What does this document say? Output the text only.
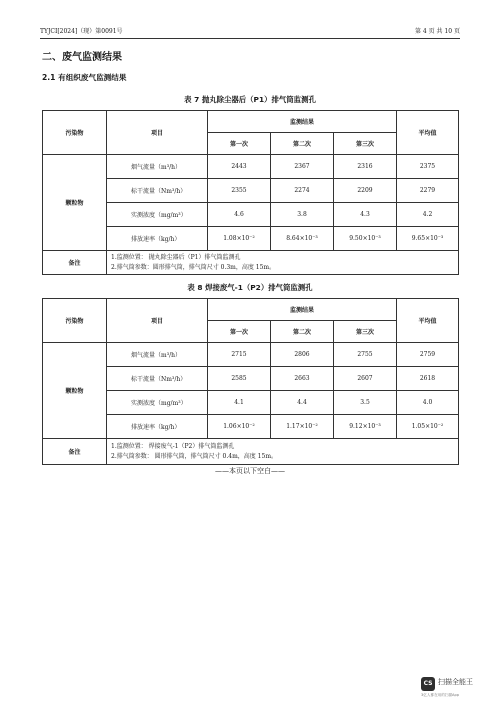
TYJCI[2024]（现）第0091号	第 4 页 共 10 页
二、废气监测结果
2.1 有组织废气监测结果
表 7 抛丸除尘器后（P1）排气筒监测孔
污染物	项目	监测结果			平均值
		第一次	第二次	第三次	
颗粒物	烟气流量（m³/h）	2443	2367	2316	2375
	标干流量（Nm³/h）	2355	2274	2209	2279
	实测浓度（mg/m³）	4.6	3.8	4.3	4.2
	排放速率（kg/h）	1.08×10⁻²	8.64×10⁻³	9.50×10⁻³	9.65×10⁻³
备注	1.监测位置： 抛丸除尘器后（P1）排气筒监测孔
2.排气筒参数：圆形排气筒，排气筒尺寸 0.3m，高度 15m。				
表 8 焊接废气-1（P2）排气筒监测孔
污染物	项目	监测结果			平均值
		第一次	第二次	第三次	
颗粒物	烟气流量（m³/h）	2715	2806	2755	2759
	标干流量（Nm³/h）	2585	2663	2607	2618
	实测浓度（mg/m³）	4.1	4.4	3.5	4.0
	排放速率（kg/h）	1.06×10⁻²	1.17×10⁻²	9.12×10⁻³	1.05×10⁻²
备注	1.监测位置： 焊接废气-1（P2）排气筒监测孔
2.排气筒参数： 圆形排气筒，排气筒尺寸 0.4m，高度 15m。				
——本页以下空白——
CS 扫描全能王
3亿人都在用的扫描App
